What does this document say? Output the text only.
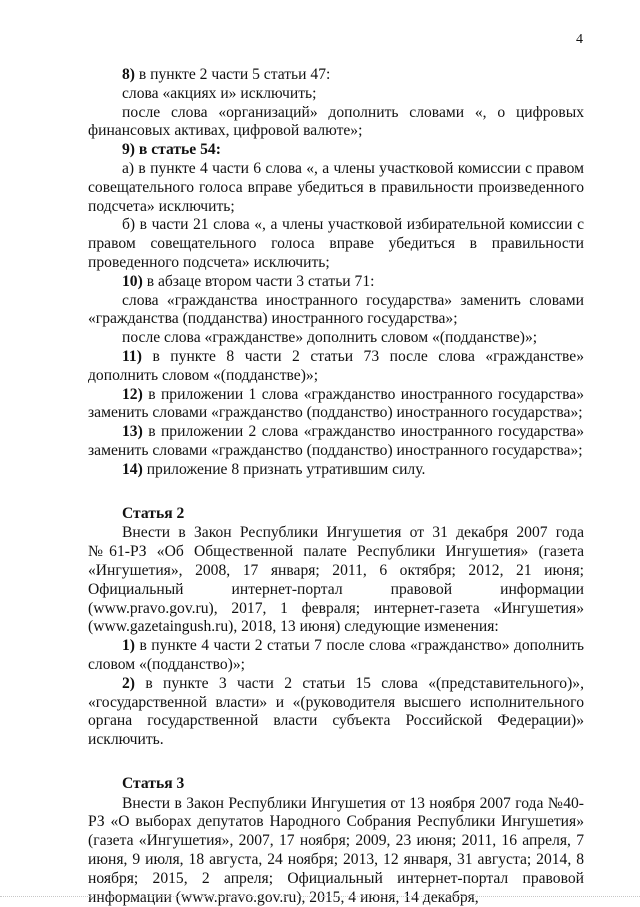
4

8) в пункте 2 части 5 статьи 47:

слова «акциях и» исключить;

после слова «организаций» дополнить словами «, о цифровых финансовых активах, цифровой валюте»;

9) в статье 54:

а) в пункте 4 части 6 слова «, а члены участковой комиссии с правом совещательного голоса вправе убедиться в правильности произведенного подсчета» исключить;

б) в части 21 слова «, а члены участковой избирательной комиссии с правом совещательного голоса вправе убедиться в правильности проведенного подсчета» исключить;

10) в абзаце втором части 3 статьи 71:

слова «гражданства иностранного государства» заменить словами «гражданства (подданства) иностранного государства»;

после слова «гражданстве» дополнить словом «(подданстве)»;

11) в пункте 8 части 2 статьи 73 после слова «гражданстве» дополнить словом «(подданстве)»;

12) в приложении 1 слова «гражданство иностранного государства» заменить словами «гражданство (подданство) иностранного государства»;

13) в приложении 2 слова «гражданство иностранного государства» заменить словами «гражданство (подданство) иностранного государства»;

14) приложение 8 признать утратившим силу.

Статья 2

Внести в Закон Республики Ингушетия от 31 декабря 2007 года №61-РЗ «Об Общественной палате Республики Ингушетия» (газета «Ингушетия», 2008, 17 января; 2011, 6 октября; 2012, 21 июня; Официальный интернет-портал правовой информации (www.pravo.gov.ru), 2017, 1 февраля; интернет-газета «Ингушетия» (www.gazetaingush.ru), 2018, 13 июня) следующие изменения:

1) в пункте 4 части 2 статьи 7 после слова «гражданство» дополнить словом «(подданство)»;

2) в пункте 3 части 2 статьи 15 слова «(представительного)», «государственной власти» и «(руководителя высшего исполнительного органа государственной власти субъекта Российской Федерации)» исключить.

Статья 3

Внести в Закон Республики Ингушетия от 13 ноября 2007 года №40-РЗ «О выборах депутатов Народного Собрания Республики Ингушетия» (газета «Ингушетия», 2007, 17 ноября; 2009, 23 июня; 2011, 16 апреля, 7 июня, 9 июля, 18 августа, 24 ноября; 2013, 12 января, 31 августа; 2014, 8 ноября; 2015, 2 апреля; Официальный интернет-портал правовой информации (www.pravo.gov.ru), 2015, 4 июня, 14 декабря,
